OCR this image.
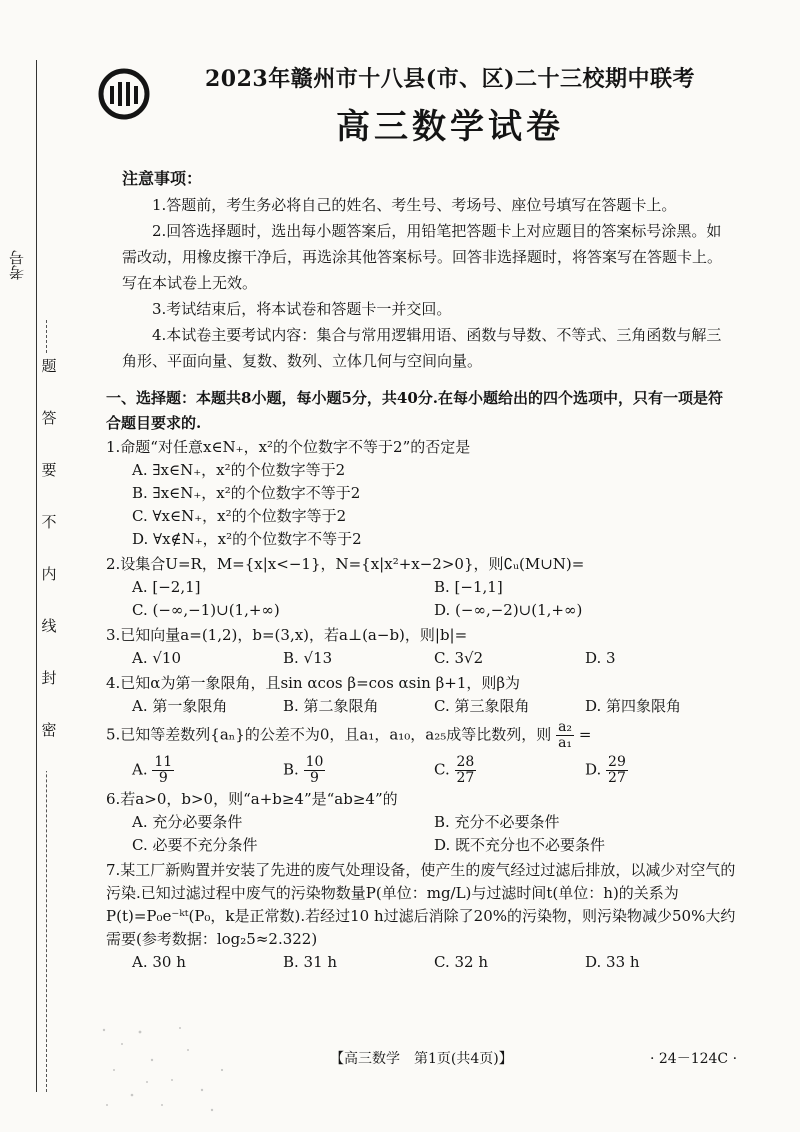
考号
题
答
要
不
内
线
封
密
2023年赣州市十八县(市、区)二十三校期中联考
高三数学试卷
注意事项：

1.答题前，考生务必将自己的姓名、考生号、考场号、座位号填写在答题卡上。

2.回答选择题时，选出每小题答案后，用铅笔把答题卡上对应题目的答案标号涂黑。如需改动，用橡皮擦干净后，再选涂其他答案标号。回答非选择题时，将答案写在答题卡上。写在本试卷上无效。

3.考试结束后，将本试卷和答题卡一并交回。

4.本试卷主要考试内容：集合与常用逻辑用语、函数与导数、不等式、三角函数与解三角形、平面向量、复数、数列、立体几何与空间向量。

一、选择题：本题共8小题，每小题5分，共40分.在每小题给出的四个选项中，只有一项是符合题目要求的.
1.命题“对任意x∈N₊，x²的个位数字不等于2”的否定是
A. ∃x∈N₊，x²的个位数字等于2
B. ∃x∈N₊，x²的个位数字不等于2
C. ∀x∈N₊，x²的个位数字等于2
D. ∀x∉N₊，x²的个位数字不等于2
2.设集合U=R，M={x|x<−1}，N={x|x²+x−2>0}，则∁ᵤ(M∪N)=
A. [−2,1]	B. [−1,1]
C. (−∞,−1)∪(1,+∞)	D. (−∞,−2)∪(1,+∞)
3.已知向量a=(1,2)，b=(3,x)，若a⊥(a−b)，则|b|=
A. √10	B. √13	C. 3√2	D. 3
4.已知α为第一象限角，且sin αcos β=cos αsin β+1，则β为
A. 第一象限角	B. 第二象限角	C. 第三象限角	D. 第四象限角
5.已知等差数列{aₙ}的公差不为0，且a₁，a₁₀，a₂₅成等比数列，则 $\frac{\text{a₂}}{\text{a₁}}$ =
A. $\frac{11}{9}$	B. $\frac{10}{9}$	C. $\frac{28}{27}$	D. $\frac{29}{27}$
6.若a>0，b>0，则“a+b≥4”是“ab≥4”的
A. 充分必要条件	B. 充分不必要条件
C. 必要不充分条件	D. 既不充分也不必要条件
7.某工厂新购置并安装了先进的废气处理设备，使产生的废气经过过滤后排放，以减少对空气的污染.已知过滤过程中废气的污染物数量P(单位：mg/L)与过滤时间t(单位：h)的关系为P(t)=P₀e⁻ᵏᵗ(P₀，k是正常数).若经过10 h过滤后消除了20%的污染物，则污染物减少50%大约需要(参考数据：log₂5≈2.322)
A. 30 h	B. 31 h	C. 32 h	D. 33 h
【高三数学　第1页(共4页)】	· 24－124C ·
